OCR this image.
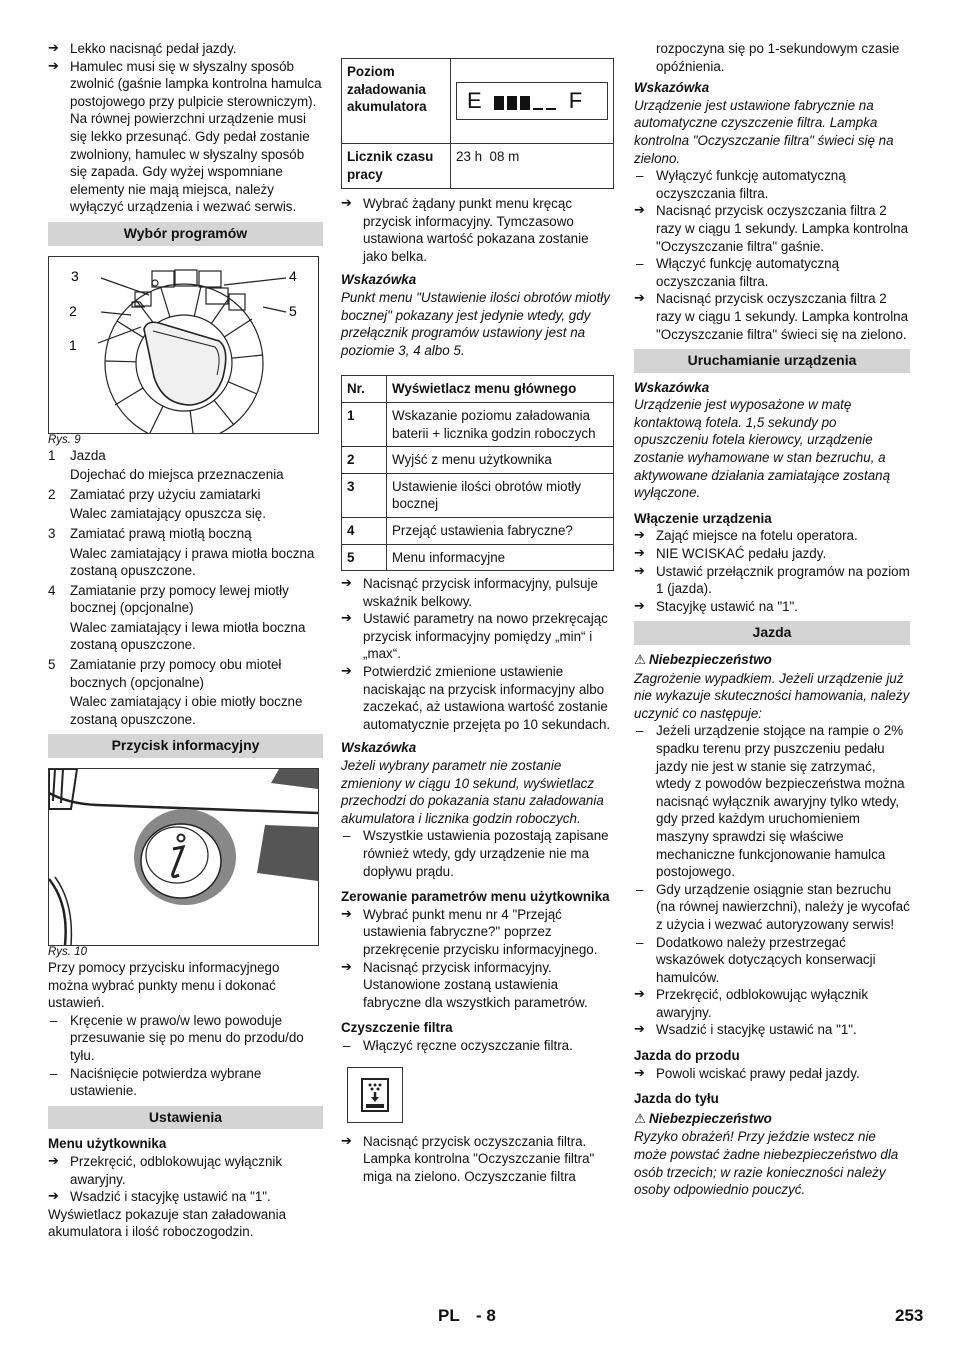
➔ Lekko nacisnąć pedał jazdy.
➔ Hamulec musi się w słyszalny sposób zwolnić (gaśnie lampka kontrolna hamulca postojowego przy pulpicie sterowniczym). Na równej powierzchni urządzenie musi się lekko przesunąć. Gdy pedał zostanie zwolniony, hamulec w słyszalny sposób się zapada. Gdy wyżej wspomniane elementy nie mają miejsca, należy wyłączyć urządzenia i wezwać serwis.
Wybór programów
3	4
2	5
1
Rys. 9
1 Jazda
Dojechać do miejsca przeznaczenia
2 Zamiatać przy użyciu zamiatarki
Walec zamiatający opuszcza się.
3 Zamiatać prawą miotłą boczną
Walec zamiatający i prawa miotła boczna zostaną opuszczone.
4 Zamiatanie przy pomocy lewej miotły bocznej (opcjonalne)
Walec zamiatający i lewa miotła boczna zostaną opuszczone.
5 Zamiatanie przy pomocy obu mioteł bocznych (opcjonalne)
Walec zamiatający i obie miotły boczne zostaną opuszczone.
Przycisk informacyjny
Rys. 10

Przy pomocy przycisku informacyjnego można wybrać punkty menu i dokonać ustawień.

– Kręcenie w prawo/w lewo powoduje przesuwanie się po menu do przodu/do tyłu.
– Naciśnięcie potwierdza wybrane ustawienie.
Ustawienia
Menu użytkownika
➔ Przekręcić, odblokowując wyłącznik awaryjny.
➔ Wsadzić i stacyjkę ustawić na "1".

Wyświetlacz pokazuje stan załadowania akumulatora i ilość roboczogodzin.

Poziom załadowania akumulatora	E F

Licznik czasu pracy	23 h  08 m
➔ Wybrać żądany punkt menu kręcąc przycisk informacyjny. Tymczasowo ustawiona wartość pokazana zostanie jako belka.
Wskazówka
Punkt menu "Ustawienie ilości obrotów miotły bocznej" pokazany jest jedynie wtedy, gdy przełącznik programów ustawiony jest na poziomie 3, 4 albo 5.
Nr.	Wyświetlacz menu głównego
1	Wskazanie poziomu załadowania baterii + licznika godzin roboczych
2	Wyjść z menu użytkownika
3	Ustawienie ilości obrotów miotły bocznej
4	Przejąć ustawienia fabryczne?
5	Menu informacyjne
➔ Nacisnąć przycisk informacyjny, pulsuje wskaźnik belkowy.
➔ Ustawić parametry na nowo przekręcając przycisk informacyjny pomiędzy „min“ i „max“.
➔ Potwierdzić zmienione ustawienie naciskając na przycisk informacyjny albo zaczekać, aż ustawiona wartość zostanie automatycznie przejęta po 10 sekundach.
Wskazówka
Jeżeli wybrany parametr nie zostanie zmieniony w ciągu 10 sekund, wyświetlacz przechodzi do pokazania stanu załadowania akumulatora i licznika godzin roboczych.
– Wszystkie ustawienia pozostają zapisane również wtedy, gdy urządzenie nie ma dopływu prądu.
Zerowanie parametrów menu użytkownika
➔ Wybrać punkt menu nr 4 "Przejąć ustawienia fabryczne?" poprzez przekręcenie przycisku informacyjnego.
➔ Nacisnąć przycisk informacyjny. Ustanowione zostaną ustawienia fabryczne dla wszystkich parametrów.
Czyszczenie filtra
– Włączyć ręczne oczyszczanie filtra.
➔ Nacisnąć przycisk oczyszczania filtra. Lampka kontrolna "Oczyszczanie filtra" miga na zielono. Oczyszczanie filtra
rozpoczyna się po 1-sekundowym czasie opóźnienia.
Wskazówka
Urządzenie jest ustawione fabrycznie na automatyczne czyszczenie filtra. Lampka kontrolna "Oczyszczanie filtra" świeci się na zielono.
– Wyłączyć funkcję automatyczną oczyszczania filtra.
➔ Nacisnąć przycisk oczyszczania filtra 2 razy w ciągu 1 sekundy. Lampka kontrolna "Oczyszczanie filtra" gaśnie.
– Włączyć funkcję automatyczną oczyszczania filtra.
➔ Nacisnąć przycisk oczyszczania filtra 2 razy w ciągu 1 sekundy. Lampka kontrolna "Oczyszczanie filtra" świeci się na zielono.
Uruchamianie urządzenia
Wskazówka
Urządzenie jest wyposażone w matę kontaktową fotela. 1,5 sekundy po opuszczeniu fotela kierowcy, urządzenie zostanie wyhamowane w stan bezruchu, a aktywowane działania zamiatające zostaną wyłączone.
Włączenie urządzenia
➔ Zająć miejsce na fotelu operatora.
➔ NIE WCISKAĆ pedału jazdy.
➔ Ustawić przełącznik programów na poziom 1 (jazda).
➔ Stacyjkę ustawić na "1".
Jazda
⚠ Niebezpieczeństwo
Zagrożenie wypadkiem. Jeżeli urządzenie już nie wykazuje skuteczności hamowania, należy uczynić co następuje:
– Jeżeli urządzenie stojące na rampie o 2% spadku terenu przy puszczeniu pedału jazdy nie jest w stanie się zatrzymać, wtedy z powodów bezpieczeństwa można nacisnąć wyłącznik awaryjny tylko wtedy, gdy przed każdym uruchomieniem maszyny sprawdzi się właściwe mechaniczne funkcjonowanie hamulca postojowego.
– Gdy urządzenie osiągnie stan bezruchu (na równej nawierzchni), należy je wycofać z użycia i wezwać autoryzowany serwis!
– Dodatkowo należy przestrzegać wskazówek dotyczących konserwacji hamulców.
➔ Przekręcić, odblokowując wyłącznik awaryjny.
➔ Wsadzić i stacyjkę ustawić na "1".
Jazda do przodu
➔ Powoli wciskać prawy pedał jazdy.
Jazda do tyłu
⚠ Niebezpieczeństwo
Ryzyko obrażeń! Przy jeździe wstecz nie może powstać żadne niebezpieczeństwo dla osób trzecich; w razie konieczności należy osoby odpowiednio pouczyć.
PL - 8	253
